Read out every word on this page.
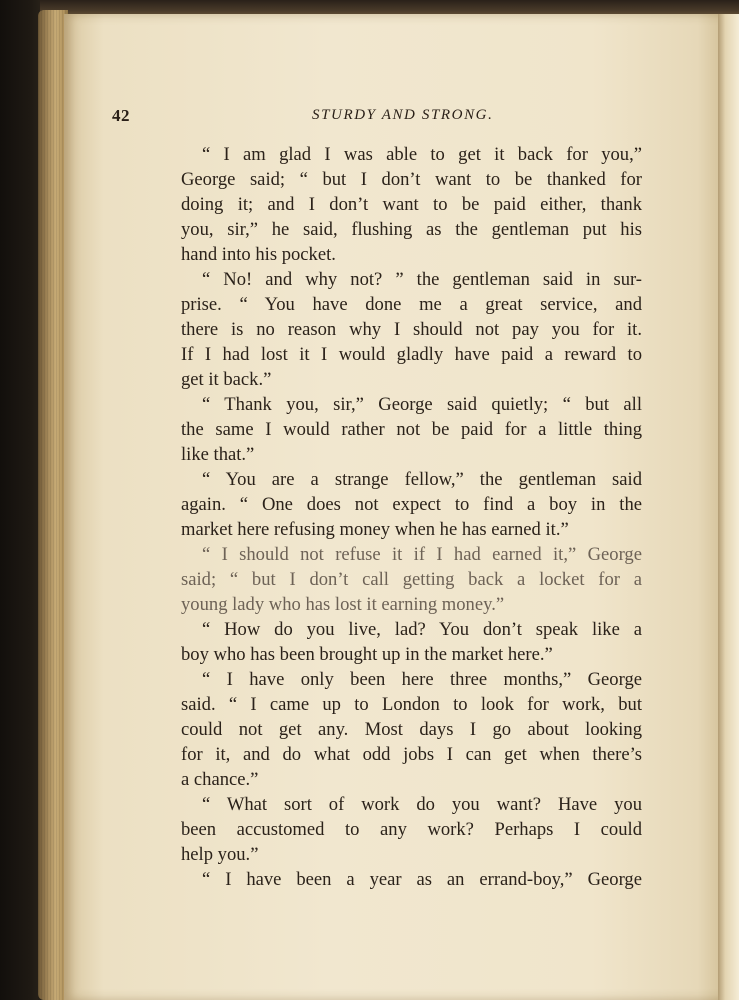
42	STURDY AND STRONG.
“ I am glad I was able to get it back for you,”
George said; “ but I don’t want to be thanked for
doing it; and I don’t want to be paid either, thank
you, sir,” he said, flushing as the gentleman put his
hand into his pocket.
“ No! and why not? ” the gentleman said in sur-
prise. “ You have done me a great service, and
there is no reason why I should not pay you for it.
If I had lost it I would gladly have paid a reward to
get it back.”
“ Thank you, sir,” George said quietly; “ but all
the same I would rather not be paid for a little thing
like that.”
“ You are a strange fellow,” the gentleman said
again. “ One does not expect to find a boy in the
market here refusing money when he has earned it.”
“ I should not refuse it if I had earned it,” George
said; “ but I don’t call getting back a locket for a
young lady who has lost it earning money.”
“ How do you live, lad? You don’t speak like a
boy who has been brought up in the market here.”
“ I have only been here three months,” George
said. “ I came up to London to look for work, but
could not get any. Most days I go about looking
for it, and do what odd jobs I can get when there’s
a chance.”
“ What sort of work do you want? Have you
been accustomed to any work? Perhaps I could
help you.”
“ I have been a year as an errand-boy,” George
